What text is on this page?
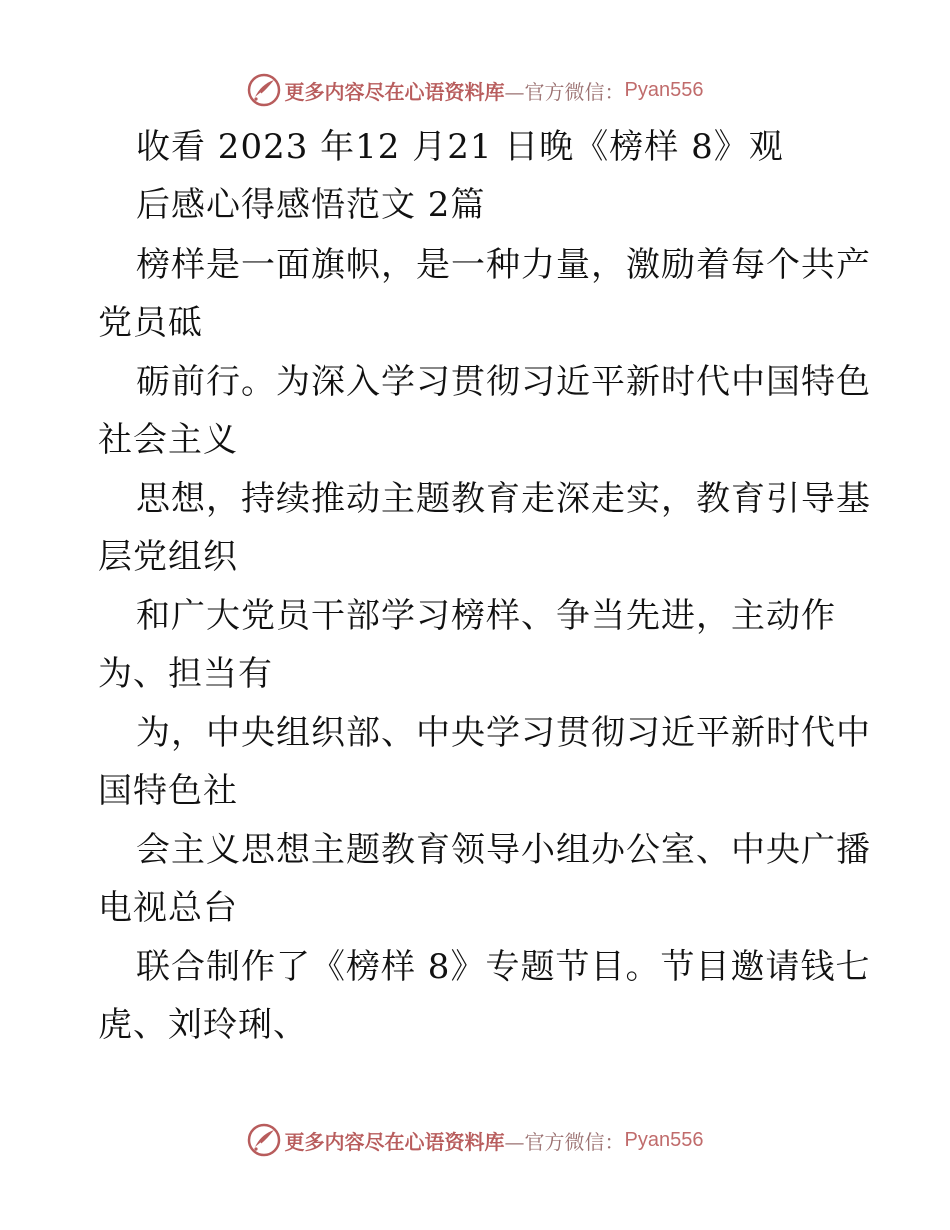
更多内容尽在心语资料库 —官方微信： Pyan556
收看 2023 年12 月21 日晚《榜样 8》观
后感心得感悟范文 2篇
榜样是一面旗帜，是一种力量，激励着每个共产
党员砥
砺前行。为深入学习贯彻习近平新时代中国特色
社会主义
思想，持续推动主题教育走深走实，教育引导基
层党组织
和广大党员干部学习榜样、争当先进，主动作
为、担当有
为，中央组织部、中央学习贯彻习近平新时代中
国特色社
会主义思想主题教育领导小组办公室、中央广播
电视总台
联合制作了《榜样 8》专题节目。节目邀请钱七
虎、刘玲琍、
更多内容尽在心语资料库 —官方微信： Pyan556
